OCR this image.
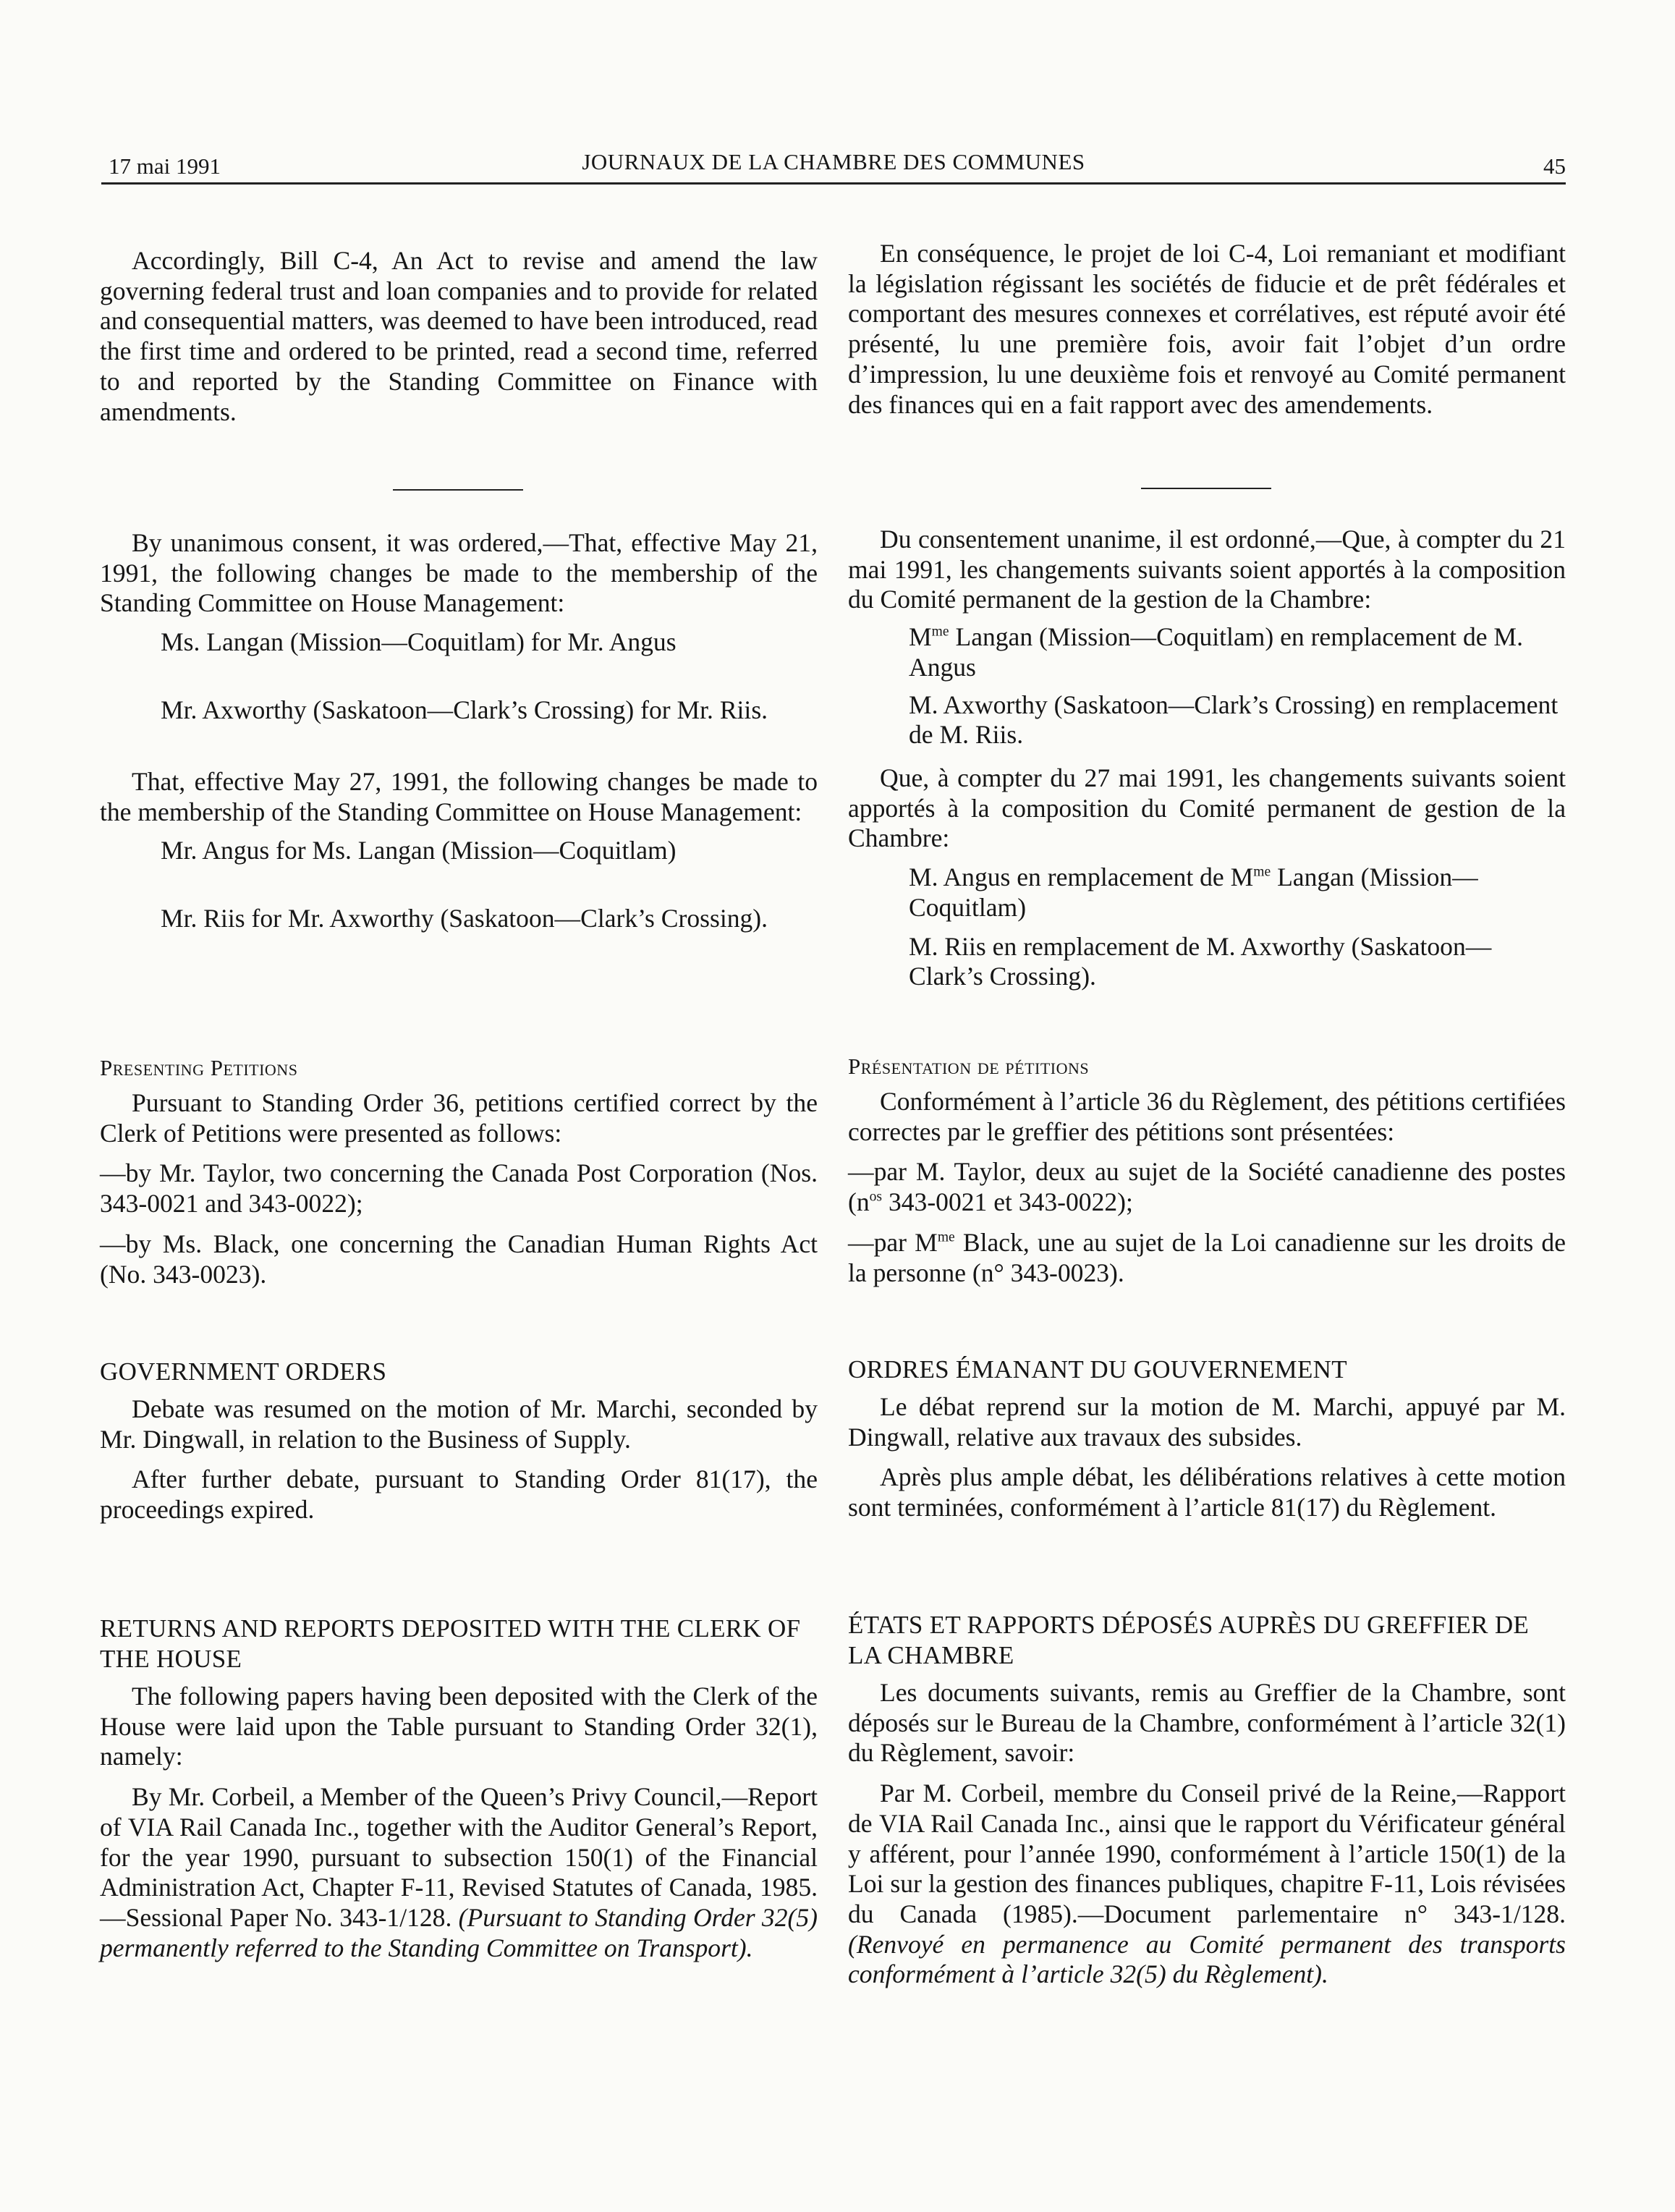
17 mai 1991	JOURNAUX DE LA CHAMBRE DES COMMUNES	45

Accordingly, Bill C-4, An Act to revise and amend the law governing federal trust and loan companies and to provide for related and consequential matters, was deemed to have been introduced, read the first time and ordered to be printed, read a second time, referred to and reported by the Standing Committee on Finance with amendments.

By unanimous consent, it was ordered,—That, effective May 21, 1991, the following changes be made to the membership of the Standing Committee on House Management:

Ms. Langan (Mission—Coquitlam) for Mr. Angus

Mr. Axworthy (Saskatoon—Clark’s Crossing) for Mr. Riis.

That, effective May 27, 1991, the following changes be made to the membership of the Standing Committee on House Management:

Mr. Angus for Ms. Langan (Mission—Coquitlam)

Mr. Riis for Mr. Axworthy (Saskatoon—Clark’s Crossing).

Presenting Petitions

Pursuant to Standing Order 36, petitions certified correct by the Clerk of Petitions were presented as follows:

—by Mr. Taylor, two concerning the Canada Post Corporation (Nos. 343-0021 and 343-0022);

—by Ms. Black, one concerning the Canadian Human Rights Act (No. 343-0023).

GOVERNMENT ORDERS

Debate was resumed on the motion of Mr. Marchi, seconded by Mr. Dingwall, in relation to the Business of Supply.

After further debate, pursuant to Standing Order 81(17), the proceedings expired.

RETURNS AND REPORTS DEPOSITED WITH THE CLERK OF THE HOUSE

The following papers having been deposited with the Clerk of the House were laid upon the Table pursuant to Standing Order 32(1), namely:

By Mr. Corbeil, a Member of the Queen’s Privy Council,—Report of VIA Rail Canada Inc., together with the Auditor General’s Report, for the year 1990, pursuant to subsection 150(1) of the Financial Administration Act, Chapter F-11, Revised Statutes of Canada, 1985.—Sessional Paper No. 343-1/128. (Pursuant to Standing Order 32(5) permanently referred to the Standing Committee on Transport).

En conséquence, le projet de loi C-4, Loi remaniant et modifiant la législation régissant les sociétés de fiducie et de prêt fédérales et comportant des mesures connexes et corrélatives, est réputé avoir été présenté, lu une première fois, avoir fait l’objet d’un ordre d’impression, lu une deuxième fois et renvoyé au Comité permanent des finances qui en a fait rapport avec des amendements.

Du consentement unanime, il est ordonné,—Que, à compter du 21 mai 1991, les changements suivants soient apportés à la composition du Comité permanent de la gestion de la Chambre:

$M^{me}$ Langan (Mission—Coquitlam) en remplacement de M. Angus

M. Axworthy (Saskatoon—Clark’s Crossing) en remplacement de M. Riis.

Que, à compter du 27 mai 1991, les changements suivants soient apportés à la composition du Comité permanent de gestion de la Chambre:

M. Angus en remplacement de $M^{me}$ Langan (Mission—Coquitlam)

M. Riis en remplacement de M. Axworthy (Saskatoon—Clark’s Crossing).

Présentation de pétitions

Conformément à l’article 36 du Règlement, des pétitions certifiées correctes par le greffier des pétitions sont présentées:

—par M. Taylor, deux au sujet de la Société canadienne des postes ($n^{os}$ 343-0021 et 343-0022);

—par $M^{me}$ Black, une au sujet de la Loi canadienne sur les droits de la personne (n° 343-0023).

ORDRES ÉMANANT DU GOUVERNEMENT

Le débat reprend sur la motion de M. Marchi, appuyé par M. Dingwall, relative aux travaux des subsides.

Après plus ample débat, les délibérations relatives à cette motion sont terminées, conformément à l’article 81(17) du Règlement.

ÉTATS ET RAPPORTS DÉPOSÉS AUPRÈS DU GREFFIER DE LA CHAMBRE

Les documents suivants, remis au Greffier de la Chambre, sont déposés sur le Bureau de la Chambre, conformément à l’article 32(1) du Règlement, savoir:

Par M. Corbeil, membre du Conseil privé de la Reine,—Rapport de VIA Rail Canada Inc., ainsi que le rapport du Vérificateur général y afférent, pour l’année 1990, conformément à l’article 150(1) de la Loi sur la gestion des finances publiques, chapitre F-11, Lois révisées du Canada (1985).—Document parlementaire n° 343-1/128. (Renvoyé en permanence au Comité permanent des transports conformément à l’article 32(5) du Règlement).
